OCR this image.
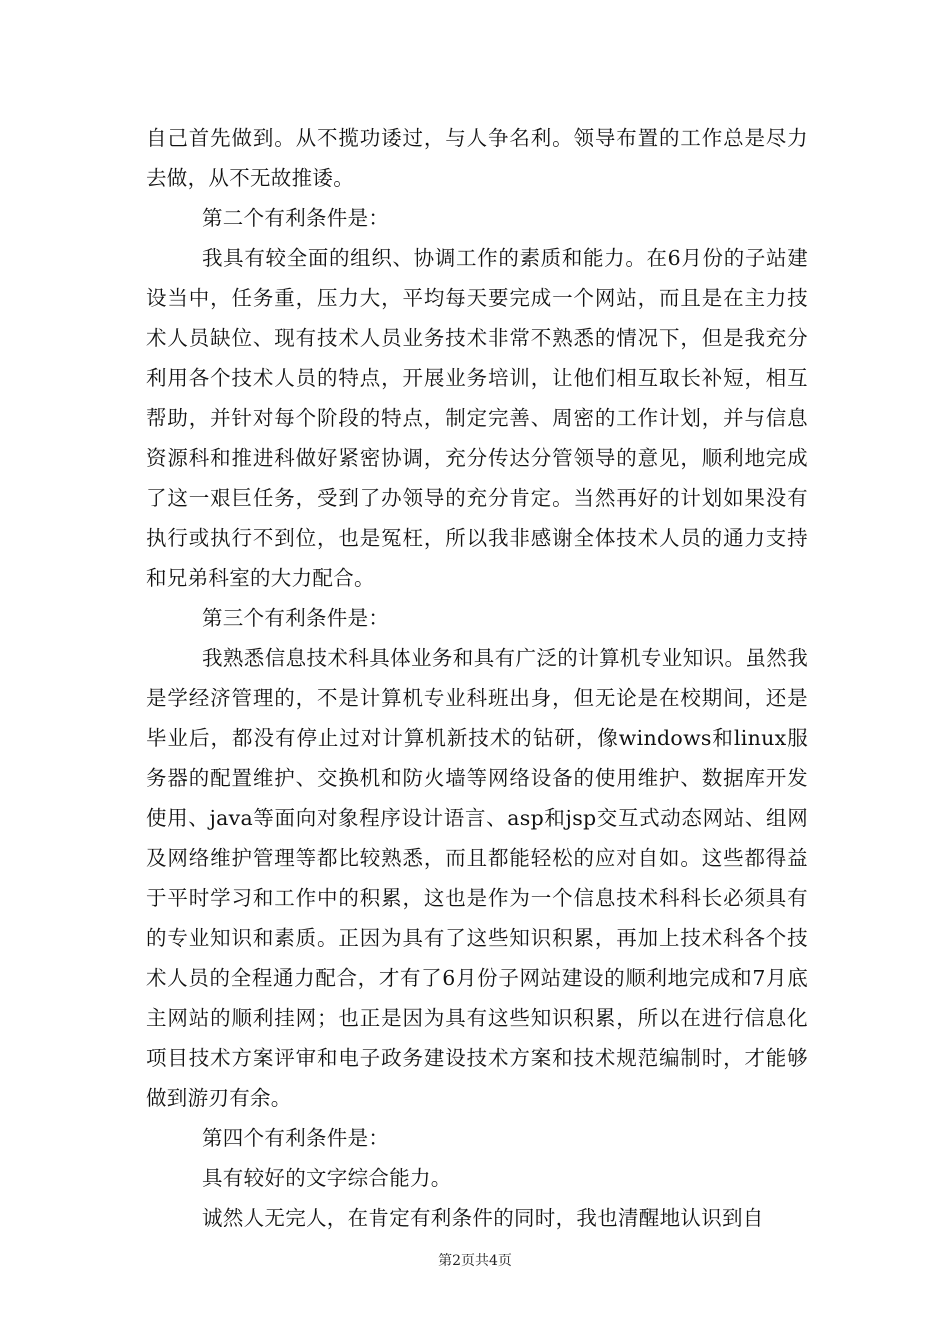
自己首先做到。从不揽功诿过，与人争名利。领导布置的工作总是尽力去做，从不无故推诿。

第二个有利条件是：

我具有较全面的组织、协调工作的素质和能力。在6月份的子站建设当中，任务重，压力大，平均每天要完成一个网站，而且是在主力技术人员缺位、现有技术人员业务技术非常不熟悉的情况下，但是我充分利用各个技术人员的特点，开展业务培训，让他们相互取长补短，相互帮助，并针对每个阶段的特点，制定完善、周密的工作计划，并与信息资源科和推进科做好紧密协调，充分传达分管领导的意见，顺利地完成了这一艰巨任务，受到了办领导的充分肯定。当然再好的计划如果没有执行或执行不到位，也是冤枉，所以我非感谢全体技术人员的通力支持和兄弟科室的大力配合。

第三个有利条件是：

我熟悉信息技术科具体业务和具有广泛的计算机专业知识。虽然我是学经济管理的，不是计算机专业科班出身，但无论是在校期间，还是毕业后，都没有停止过对计算机新技术的钻研，像windows和linux服务器的配置维护、交换机和防火墙等网络设备的使用维护、数据库开发使用、java等面向对象程序设计语言、asp和jsp交互式动态网站、组网及网络维护管理等都比较熟悉，而且都能轻松的应对自如。这些都得益于平时学习和工作中的积累，这也是作为一个信息技术科科长必须具有的专业知识和素质。正因为具有了这些知识积累，再加上技术科各个技术人员的全程通力配合，才有了6月份子网站建设的顺利地完成和7月底主网站的顺利挂网；也正是因为具有这些知识积累，所以在进行信息化项目技术方案评审和电子政务建设技术方案和技术规范编制时，才能够做到游刃有余。

第四个有利条件是：

具有较好的文字综合能力。

诚然人无完人，在肯定有利条件的同时，我也清醒地认识到自

第2页共4页
